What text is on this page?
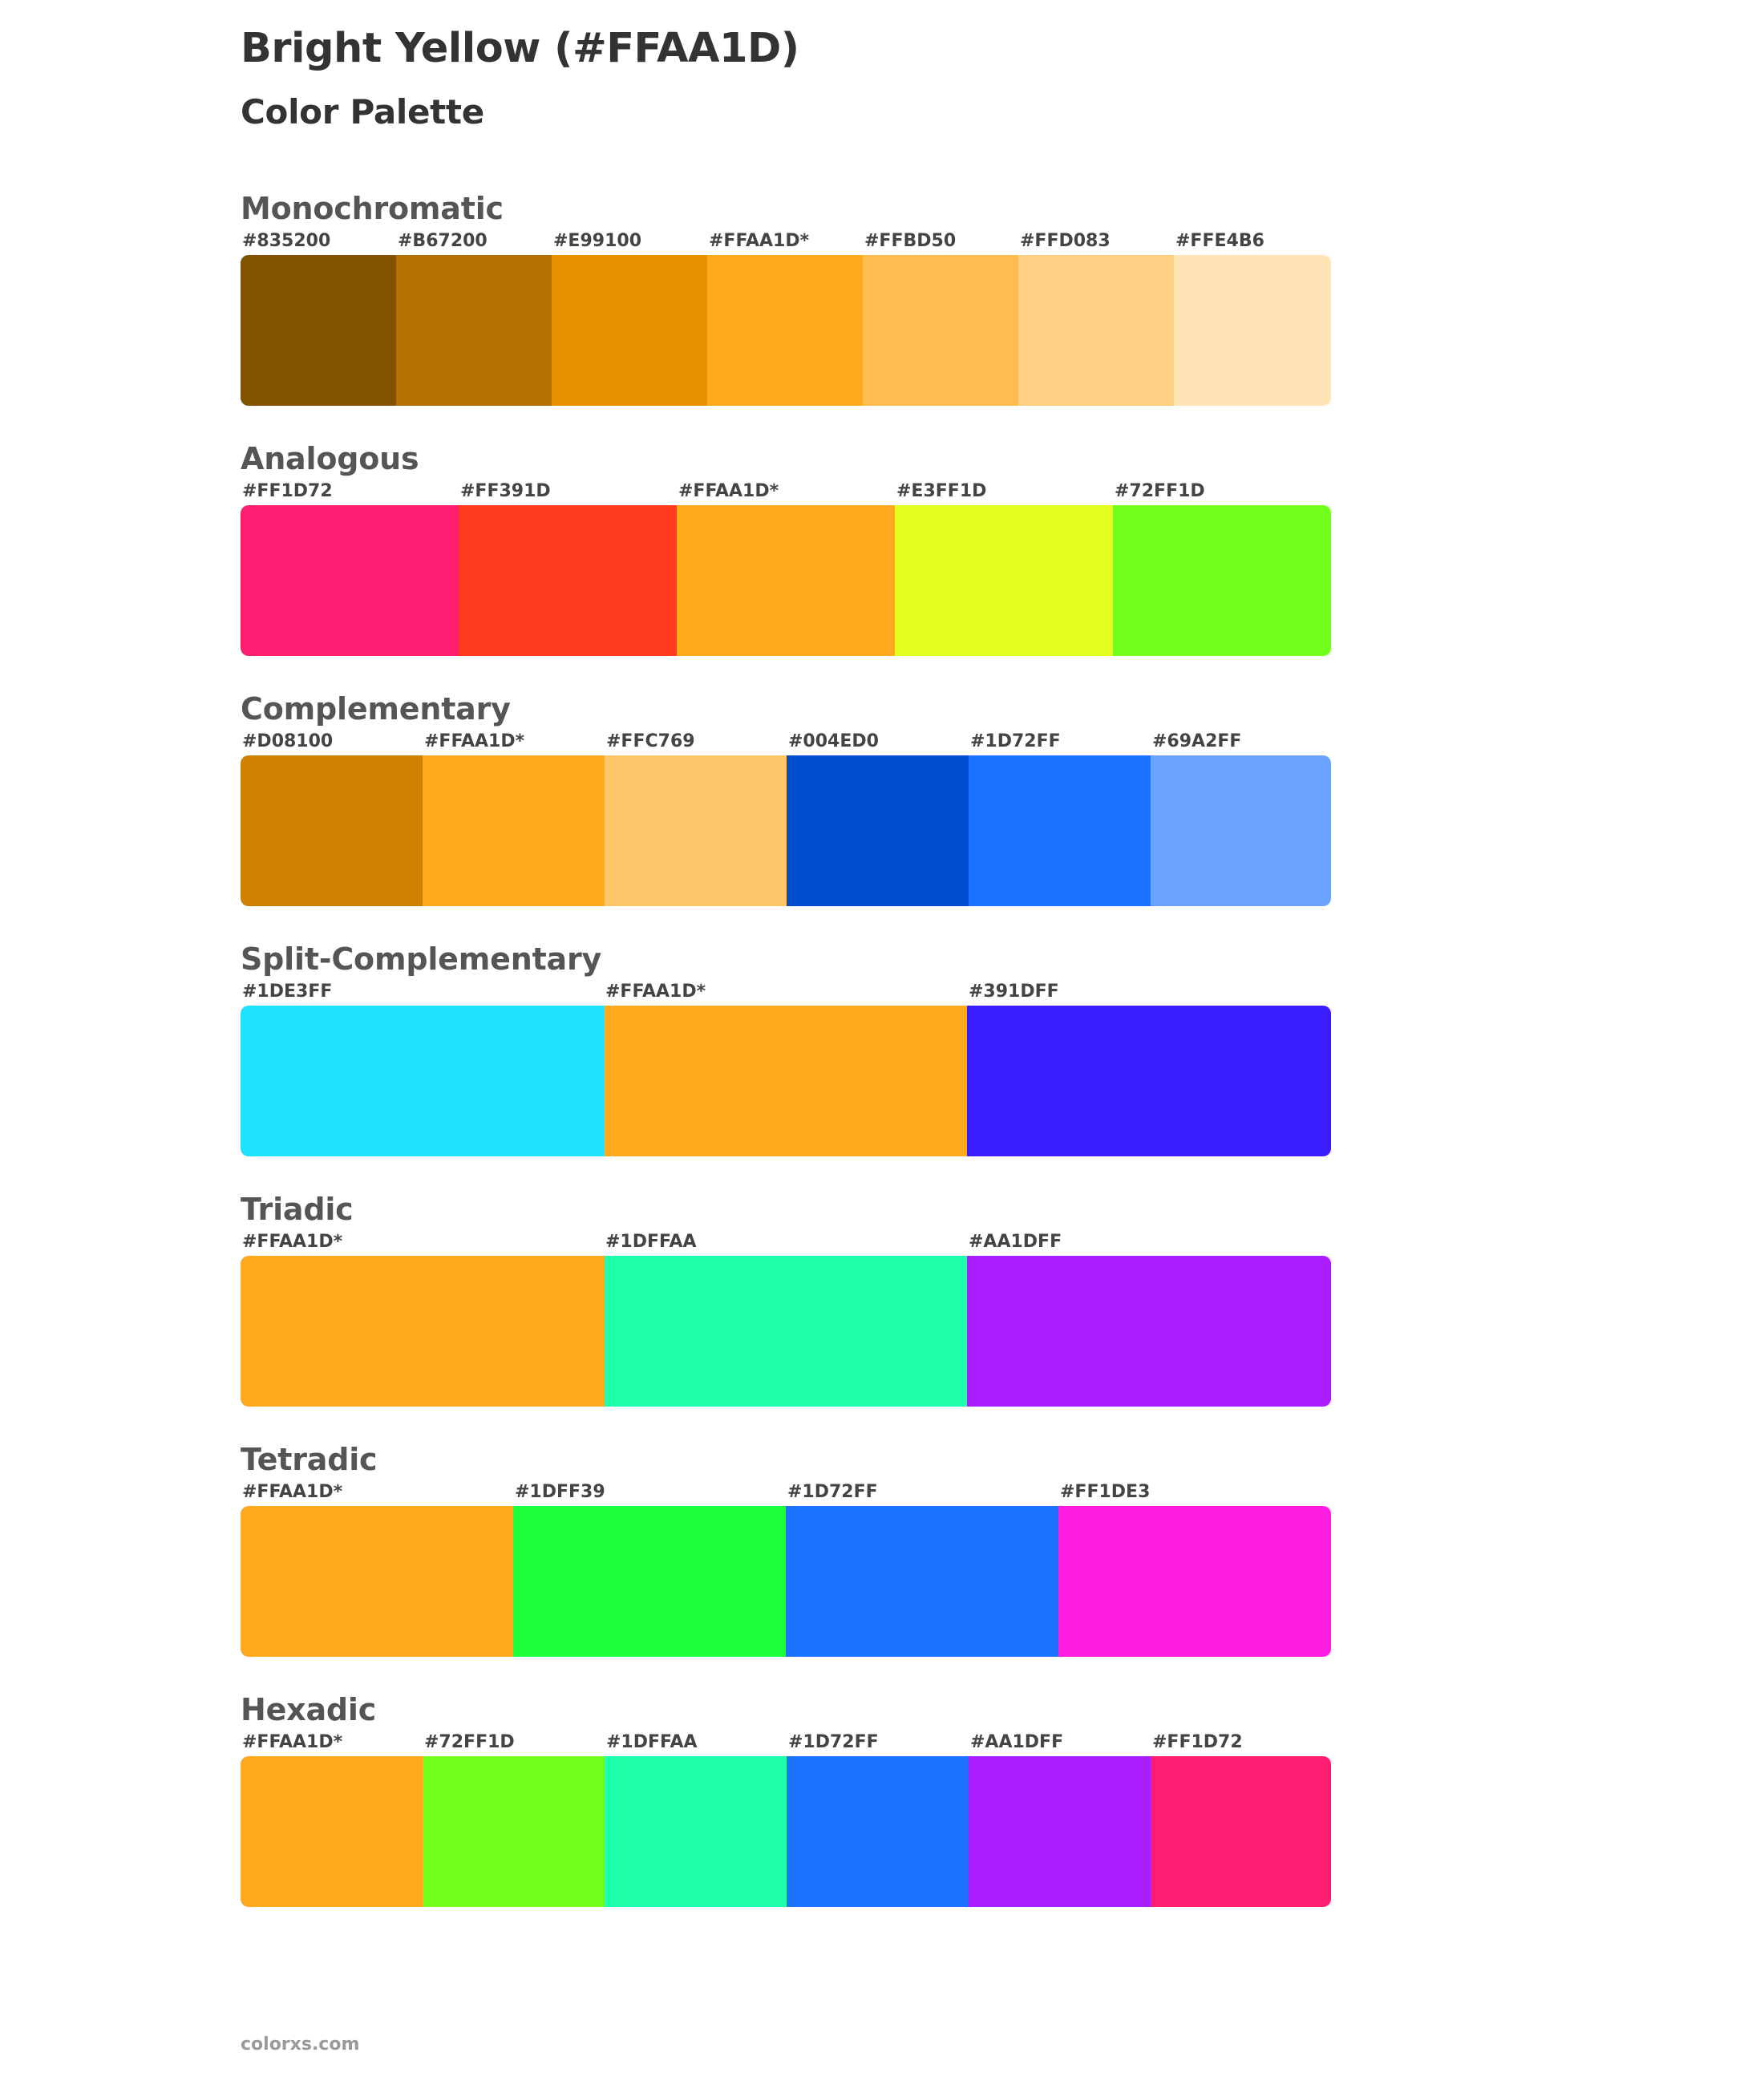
Bright Yellow (#FFAA1D)
Color Palette
Monochromatic
#835200	#B67200	#E99100	#FFAA1D*	#FFBD50	#FFD083	#FFE4B6
Analogous
#FF1D72	#FF391D	#FFAA1D*	#E3FF1D	#72FF1D
Complementary
#D08100	#FFAA1D*	#FFC769	#004ED0	#1D72FF	#69A2FF
Split-Complementary
#1DE3FF	#FFAA1D*	#391DFF
Triadic
#FFAA1D*	#1DFFAA	#AA1DFF
Tetradic
#FFAA1D*	#1DFF39	#1D72FF	#FF1DE3
Hexadic
#FFAA1D*	#72FF1D	#1DFFAA	#1D72FF	#AA1DFF	#FF1D72
colorxs.com
